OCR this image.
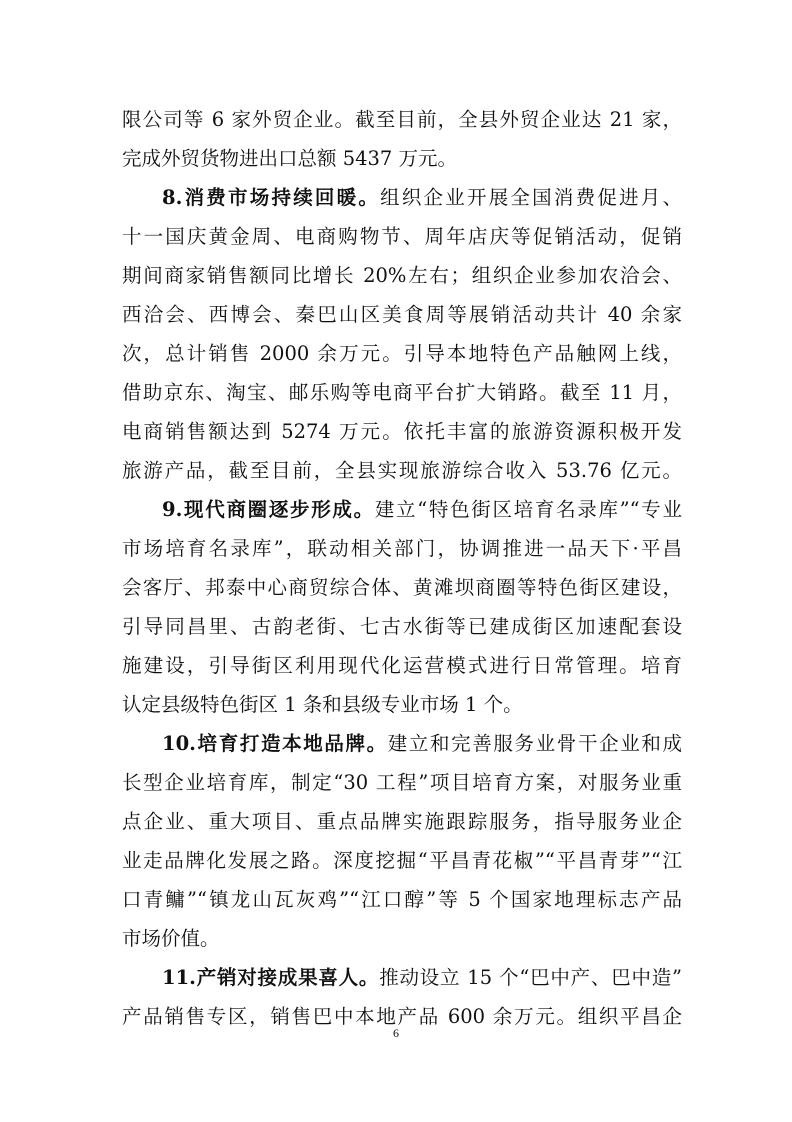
限公司等 6 家外贸企业。截至目前，全县外贸企业达 21 家，
完成外贸货物进出口总额 5437 万元。
8.消费市场持续回暖。组织企业开展全国消费促进月、
十一国庆黄金周、电商购物节、周年店庆等促销活动，促销
期间商家销售额同比增长 20%左右；组织企业参加农洽会、
西洽会、西博会、秦巴山区美食周等展销活动共计 40 余家
次，总计销售 2000 余万元。引导本地特色产品触网上线，
借助京东、淘宝、邮乐购等电商平台扩大销路。截至 11 月，
电商销售额达到 5274 万元。依托丰富的旅游资源积极开发
旅游产品，截至目前，全县实现旅游综合收入 53.76 亿元。
9.现代商圈逐步形成。建立“特色街区培育名录库”“专业
市场培育名录库”，联动相关部门，协调推进一品天下·平昌
会客厅、邦泰中心商贸综合体、黄滩坝商圈等特色街区建设，
引导同昌里、古韵老街、七古水街等已建成街区加速配套设
施建设，引导街区利用现代化运营模式进行日常管理。培育
认定县级特色街区 1 条和县级专业市场 1 个。
10.培育打造本地品牌。建立和完善服务业骨干企业和成
长型企业培育库，制定“30 工程”项目培育方案，对服务业重
点企业、重大项目、重点品牌实施跟踪服务，指导服务业企
业走品牌化发展之路。深度挖掘“平昌青花椒”“平昌青芽”“江
口青鳙”“镇龙山瓦灰鸡”“江口醇”等 5 个国家地理标志产品
市场价值。
11.产销对接成果喜人。推动设立 15 个“巴中产、巴中造”
产品销售专区，销售巴中本地产品 600 余万元。组织平昌企
6
